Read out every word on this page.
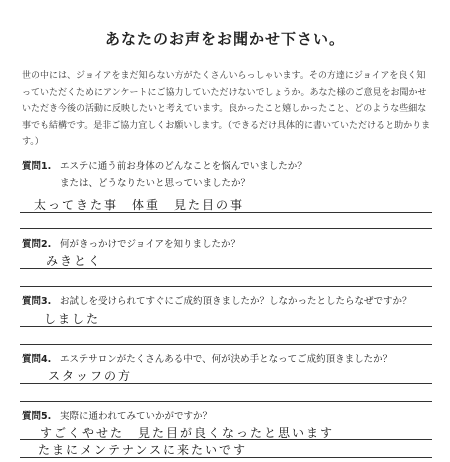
あなたのお声をお聞かせ下さい。
世の中には、ジョイアをまだ知らない方がたくさんいらっしゃいます。その方達にジョイアを良く知っていただくためにアンケートにご協力していただけないでしょうか。あなた様のご意見をお聞かせいただき今後の活動に反映したいと考えています。良かったこと嬉しかったこと、どのような些細な事でも結構です。是非ご協力宜しくお願いします。（できるだけ具体的に書いていただけると助かります。）
質問1. エステに通う前お身体のどんなことを悩んでいましたか？
または、どうなりたいと思っていましたか？
太ってきた事　体重　見た目の事
質問2. 何がきっかけでジョイアを知りましたか？
みきとく
質問3. お試しを受けられてすぐにご成約頂きましたか？しなかったとしたらなぜですか？
しました
質問4. エステサロンがたくさんある中で、何が決め手となってご成約頂きましたか？
スタッフの方
質問5. 実際に通われてみていかがですか？
すごくやせた　見た目が良くなったと思います
たまにメンテナンスに来たいです
